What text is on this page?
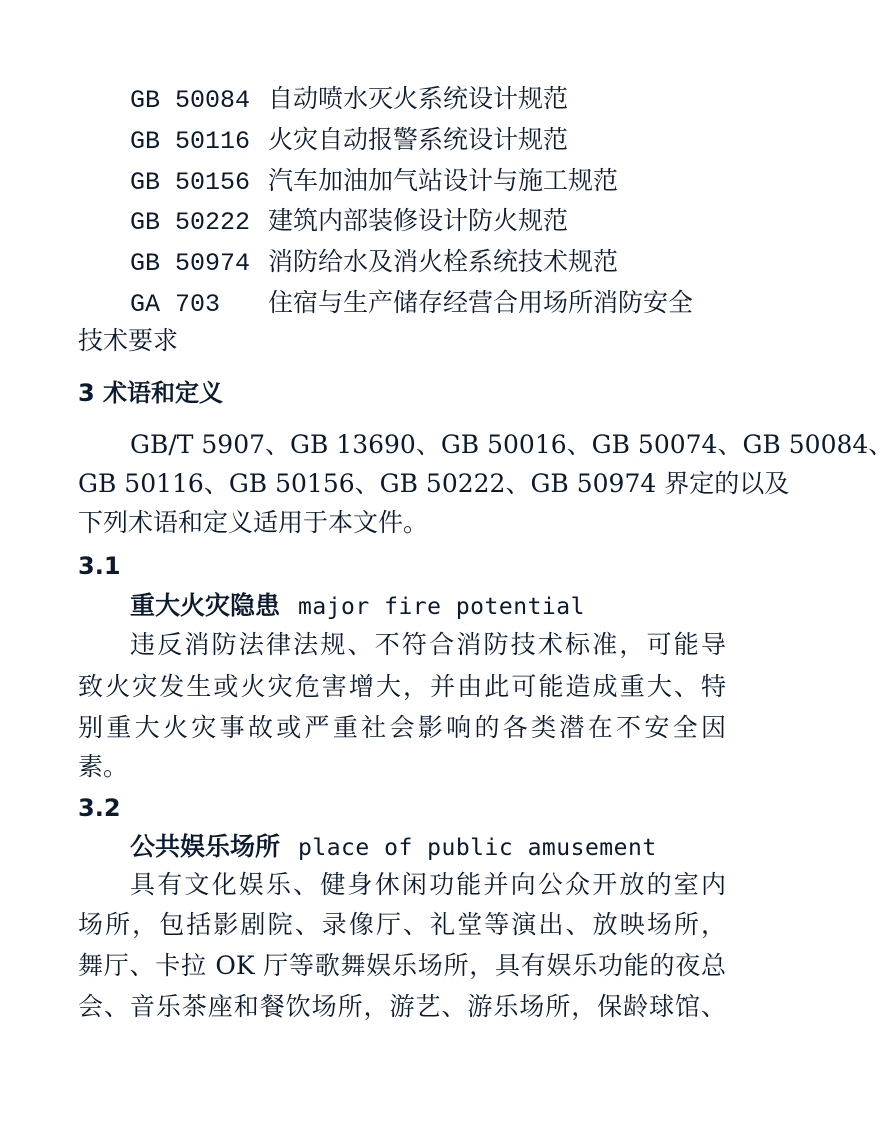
GB 50084 自动喷水灭火系统设计规范
GB 50116 火灾自动报警系统设计规范
GB 50156 汽车加油加气站设计与施工规范
GB 50222 建筑内部装修设计防火规范
GB 50974 消防给水及消火栓系统技术规范
GA 703 住宿与生产储存经营合用场所消防安全
技术要求
3 术语和定义
GB/T 5907、GB 13690、GB 50016、GB 50074、GB 50084、
GB 50116、GB 50156、GB 50222、GB 50974 界定的以及
下列术语和定义适用于本文件。
3.1
重大火灾隐患 major fire potential
违反消防法律法规、不符合消防技术标准，可能导
致火灾发生或火灾危害增大，并由此可能造成重大、特
别重大火灾事故或严重社会影响的各类潜在不安全因
素。
3.2
公共娱乐场所 place of public amusement
具有文化娱乐、健身休闲功能并向公众开放的室内
场所，包括影剧院、录像厅、礼堂等演出、放映场所，
舞厅、卡拉 OK 厅等歌舞娱乐场所，具有娱乐功能的夜总
会、音乐茶座和餐饮场所，游艺、游乐场所，保龄球馆、
